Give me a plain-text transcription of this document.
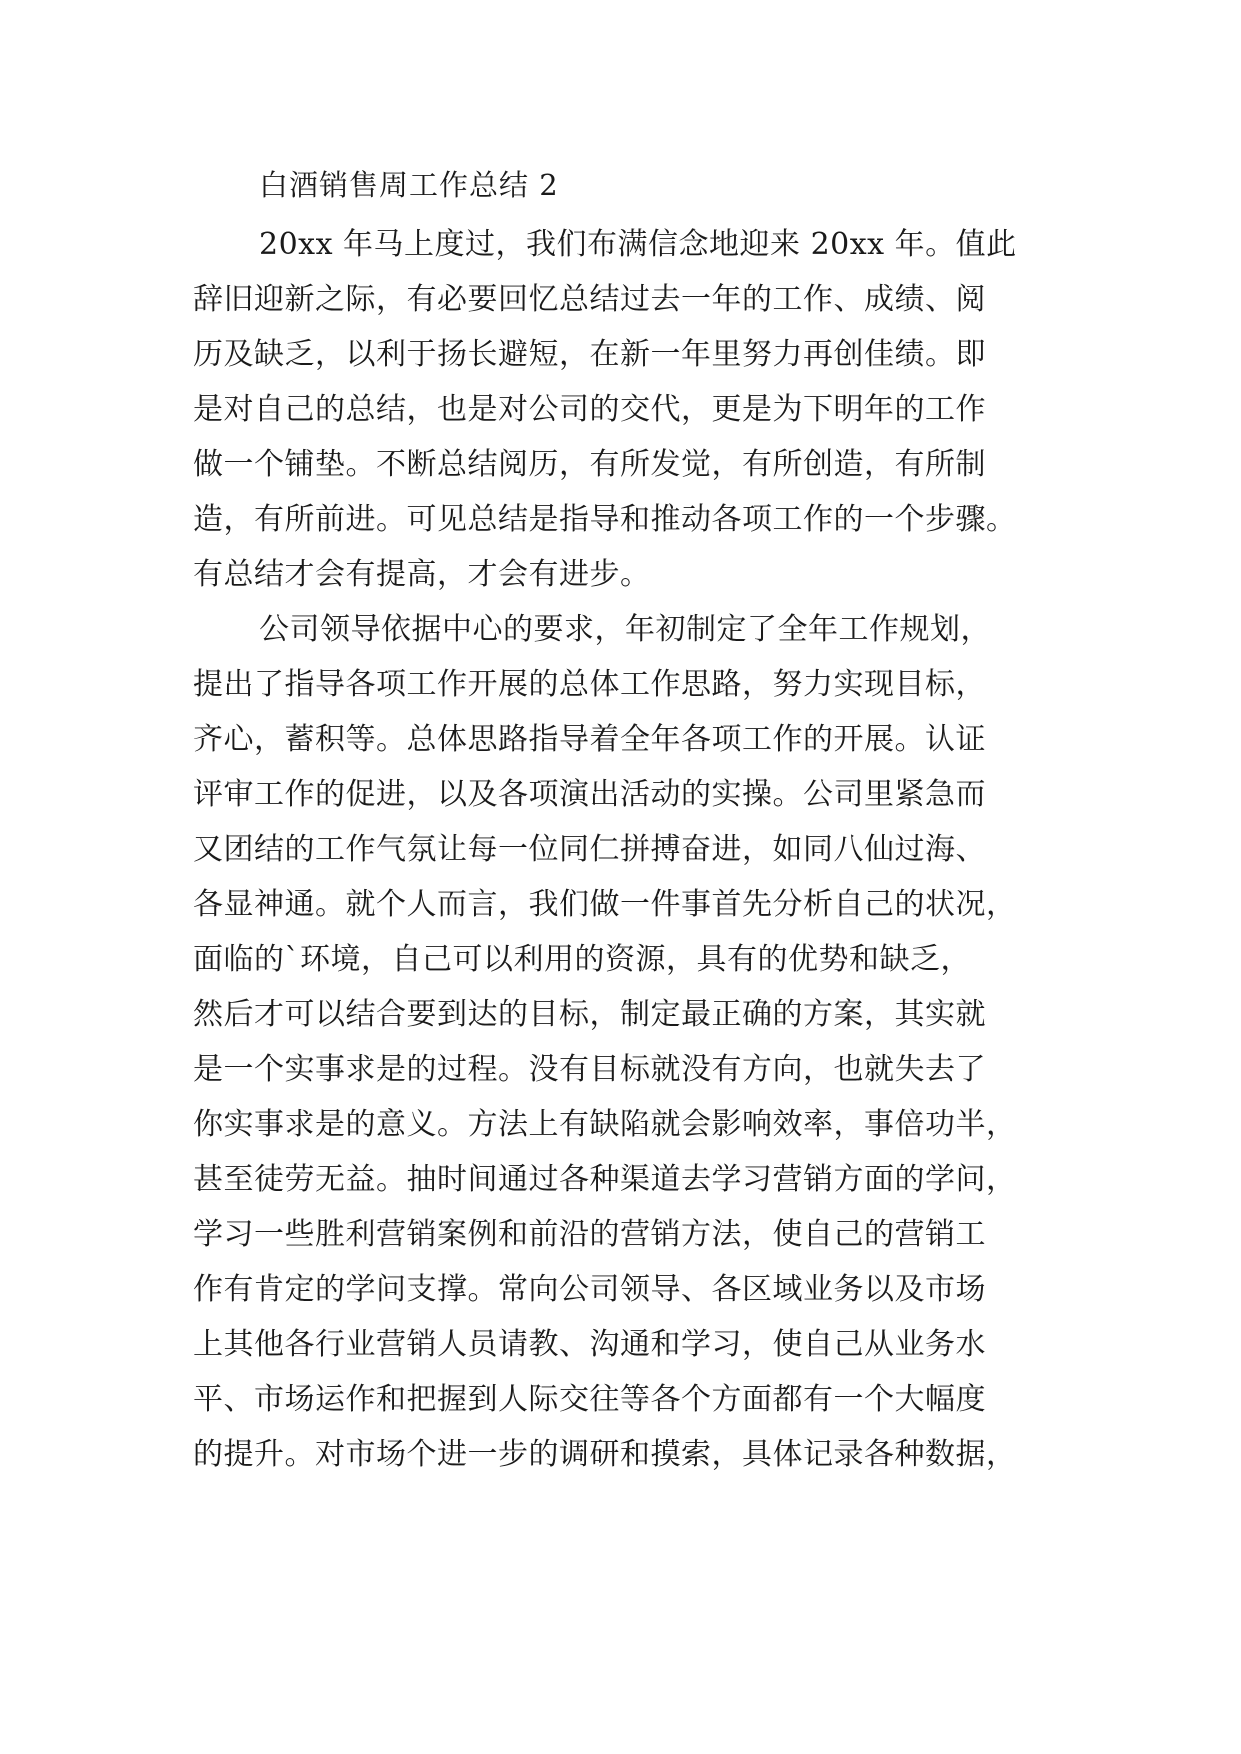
白酒销售周工作总结 2
20xx 年马上度过，我们布满信念地迎来 20xx 年。值此
辞旧迎新之际，有必要回忆总结过去一年的工作、成绩、阅
历及缺乏，以利于扬长避短，在新一年里努力再创佳绩。即
是对自己的总结，也是对公司的交代，更是为下明年的工作
做一个铺垫。不断总结阅历，有所发觉，有所创造，有所制
造，有所前进。可见总结是指导和推动各项工作的一个步骤。
有总结才会有提高，才会有进步。
公司领导依据中心的要求，年初制定了全年工作规划，
提出了指导各项工作开展的总体工作思路，努力实现目标，
齐心，蓄积等。总体思路指导着全年各项工作的开展。认证
评审工作的促进，以及各项演出活动的实操。公司里紧急而
又团结的工作气氛让每一位同仁拼搏奋进，如同八仙过海、
各显神通。就个人而言，我们做一件事首先分析自己的状况，
面临的`环境，自己可以利用的资源，具有的优势和缺乏，
然后才可以结合要到达的目标，制定最正确的方案，其实就
是一个实事求是的过程。没有目标就没有方向，也就失去了
你实事求是的意义。方法上有缺陷就会影响效率，事倍功半，
甚至徒劳无益。抽时间通过各种渠道去学习营销方面的学问，
学习一些胜利营销案例和前沿的营销方法，使自己的营销工
作有肯定的学问支撑。常向公司领导、各区域业务以及市场
上其他各行业营销人员请教、沟通和学习，使自己从业务水
平、市场运作和把握到人际交往等各个方面都有一个大幅度
的提升。对市场个进一步的调研和摸索，具体记录各种数据，
